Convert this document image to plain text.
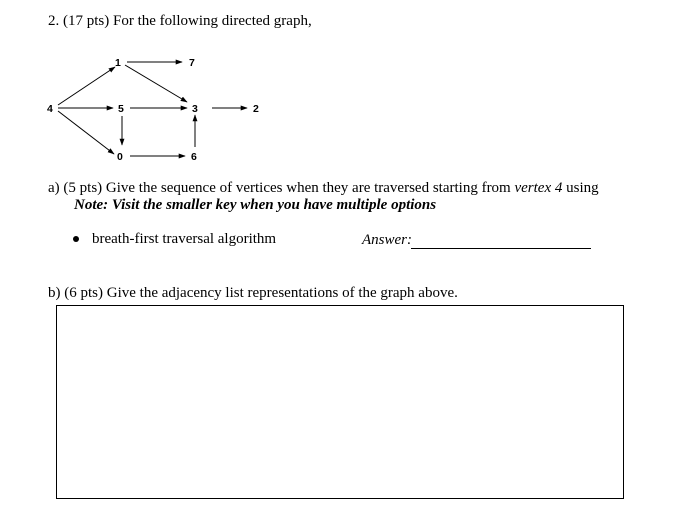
2. (17 pts) For the following directed graph,
1	7
4	5	3	2
0	6
a) (5 pts) Give the sequence of vertices when they are traversed starting from vertex 4 using
Note: Visit the smaller key when you have multiple options
breath-first traversal algorithm	Answer:
b) (6 pts) Give the adjacency list representations of the graph above.
